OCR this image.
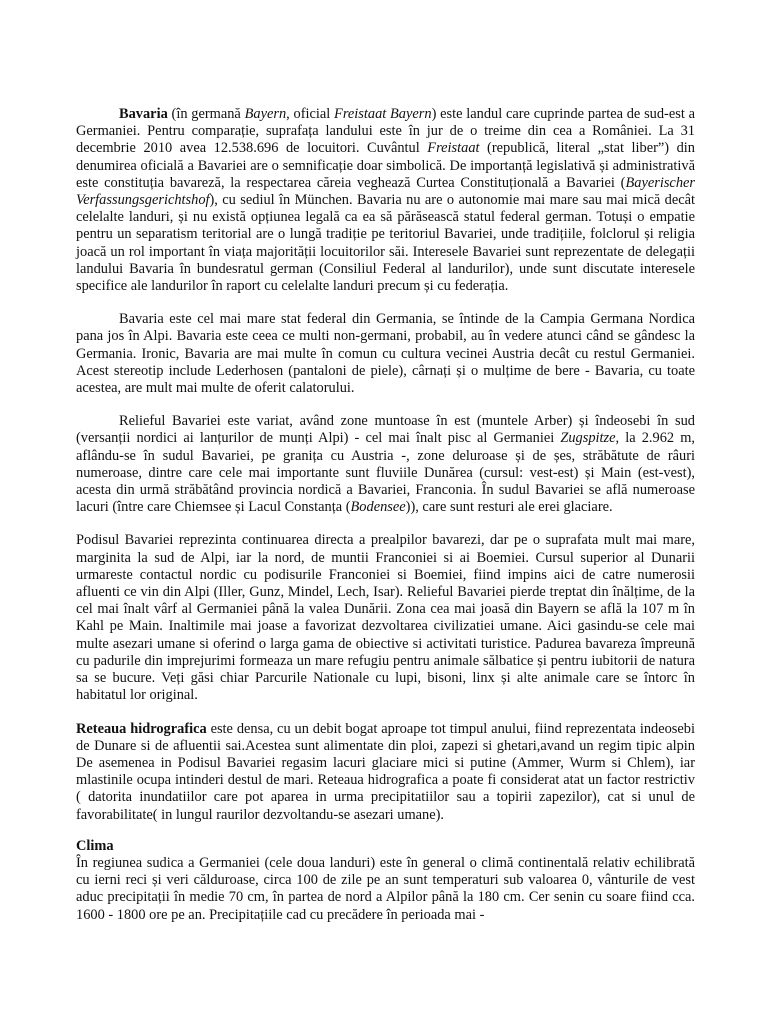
Bavaria (în germană Bayern, oficial Freistaat Bayern) este landul care cuprinde partea de sud-est a Germaniei. Pentru comparație, suprafața landului este în jur de o treime din cea a României. La 31 decembrie 2010 avea 12.538.696 de locuitori. Cuvântul Freistaat (republică, literal „stat liber”) din denumirea oficială a Bavariei are o semnificație doar simbolică. De importanță legislativă și administrativă este constituția bavareză, la respectarea căreia veghează Curtea Constituțională a Bavariei (Bayerischer Verfassungsgerichtshof), cu sediul în München. Bavaria nu are o autonomie mai mare sau mai mică decât celelalte landuri, și nu există opțiunea legală ca ea să părăsească statul federal german. Totuși o empatie pentru un separatism teritorial are o lungă tradiție pe teritoriul Bavariei, unde tradițiile, folclorul și religia joacă un rol important în viața majorității locuitorilor săi. Interesele Bavariei sunt reprezentate de delegații landului Bavaria în bundesratul german (Consiliul Federal al landurilor), unde sunt discutate interesele specifice ale landurilor în raport cu celelalte landuri precum și cu federația.

Bavaria este cel mai mare stat federal din Germania, se întinde de la Campia Germana Nordica pana jos în Alpi. Bavaria este ceea ce multi non-germani, probabil, au în vedere atunci când se gândesc la Germania. Ironic, Bavaria are mai multe în comun cu cultura vecinei Austria decât cu restul Germaniei. Acest stereotip include Lederhosen (pantaloni de piele), cârnați și o mulțime de bere - Bavaria, cu toate acestea, are mult mai multe de oferit calatorului.

Relieful Bavariei este variat, având zone muntoase în est (muntele Arber) și îndeosebi în sud (versanții nordici ai lanțurilor de munți Alpi) - cel mai înalt pisc al Germaniei Zugspitze, la 2.962 m, aflându-se în sudul Bavariei, pe granița cu Austria -, zone deluroase și de șes, străbătute de râuri numeroase, dintre care cele mai importante sunt fluviile Dunărea (cursul: vest-est) și Main (est-vest), acesta din urmă străbătând provincia nordică a Bavariei, Franconia. În sudul Bavariei se află numeroase lacuri (între care Chiemsee și Lacul Constanța (Bodensee)), care sunt resturi ale erei glaciare.

Podisul Bavariei reprezinta continuarea directa a prealpilor bavarezi, dar pe o suprafata mult mai mare, marginita la sud de Alpi, iar la nord, de muntii Franconiei si ai Boemiei. Cursul superior al Dunarii urmareste contactul nordic cu podisurile Franconiei si Boemiei, fiind impins aici de catre numerosii afluenti ce vin din Alpi (Iller, Gunz, Mindel, Lech, Isar). Relieful Bavariei pierde treptat din înălțime, de la cel mai înalt vârf al Germaniei până la valea Dunării. Zona cea mai joasă din Bayern se află la 107 m în Kahl pe Main. Inaltimile mai joase a favorizat dezvoltarea civilizatiei umane. Aici gasindu-se cele mai multe asezari umane si oferind o larga gama de obiective si activitati turistice. Padurea bavareza împreună cu padurile din imprejurimi formeaza un mare refugiu pentru animale sălbatice și pentru iubitorii de natura sa se bucure. Veți găsi chiar Parcurile Nationale cu lupi, bisoni, linx și alte animale care se întorc în habitatul lor original.

Reteaua hidrografica este densa, cu un debit bogat aproape tot timpul anului, fiind reprezentata indeosebi de Dunare si de afluentii sai.Acestea sunt alimentate din ploi, zapezi si ghetari,avand un regim tipic alpin De asemenea in Podisul Bavariei regasim lacuri glaciare mici si putine (Ammer, Wurm si Chlem), iar mlastinile ocupa intinderi destul de mari. Reteaua hidrografica a poate fi considerat atat un factor restrictiv ( datorita inundatiilor care pot aparea in urma precipitatiilor sau a topirii zapezilor), cat si unul de favorabilitate( in lungul raurilor dezvoltandu-se asezari umane).

Clima

În regiunea sudica a Germaniei (cele doua landuri) este în general o climă continentală relativ echilibrată cu ierni reci și veri călduroase, circa 100 de zile pe an sunt temperaturi sub valoarea 0, vânturile de vest aduc precipitații în medie 70 cm, în partea de nord a Alpilor până la 180 cm. Cer senin cu soare fiind cca. 1600 - 1800 ore pe an. Precipitațiile cad cu precădere în perioada mai -
